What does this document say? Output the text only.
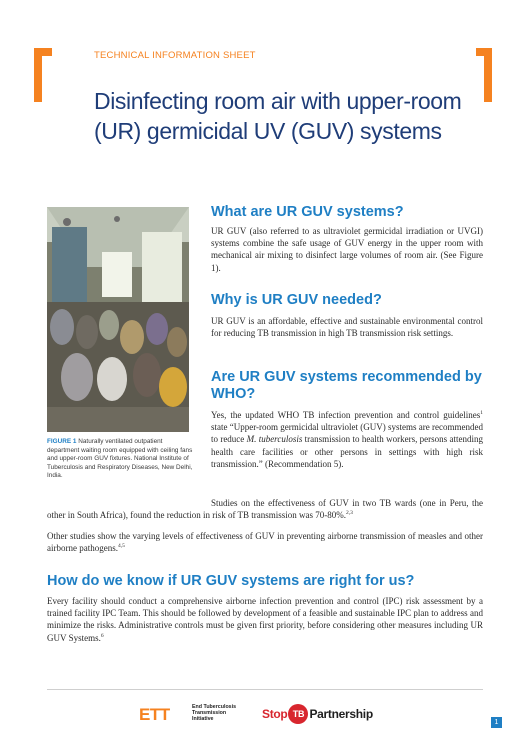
TECHNICAL INFORMATION SHEET
Disinfecting room air with upper-room (UR) germicidal UV (GUV) systems
FIGURE 1 Naturally ventilated outpatient department waiting room equipped with ceiling fans and upper-room GUV fixtures. National Institute of Tuberculosis and Respiratory Diseases, New Delhi, India.
What are UR GUV systems?

UR GUV (also referred to as ultraviolet germicidal irradiation or UVGI) systems combine the safe usage of GUV energy in the upper room with mechanical air mixing to disinfect large volumes of room air. (See Figure 1).

Why is UR GUV needed?

UR GUV is an affordable, effective and sustainable environmental control for reducing TB transmission in high TB transmission risk settings.

Are UR GUV systems recommended by WHO?

Yes, the updated WHO TB infection prevention and control guidelines$^1$ state “Upper-room germicidal ultraviolet (GUV) systems are recommended to reduce M. tuberculosis transmission to health workers, persons attending health care facilities or other persons in settings with high risk transmission.” (Recommendation 5).

Studies on the effectiveness of GUV in two TB wards (one in Peru, the other in South Africa), found the reduction in risk of TB transmission was 70-80%.$^{2,3}$

Other studies show the varying levels of effectiveness of GUV in preventing airborne transmission of measles and other airborne pathogens.$^{4,5}$

How do we know if UR GUV systems are right for us?

Every facility should conduct a comprehensive airborne infection prevention and control (IPC) risk assessment by a trained facility IPC Team. This should be followed by development of a feasible and sustainable IPC plan to address and minimize the risks. Administrative controls must be given first priority, before considering other measures including UR GUV Systems.$^6$

ETT	End Tuberculosis
Transmission
Initiative	Stop TB Partnership
1
